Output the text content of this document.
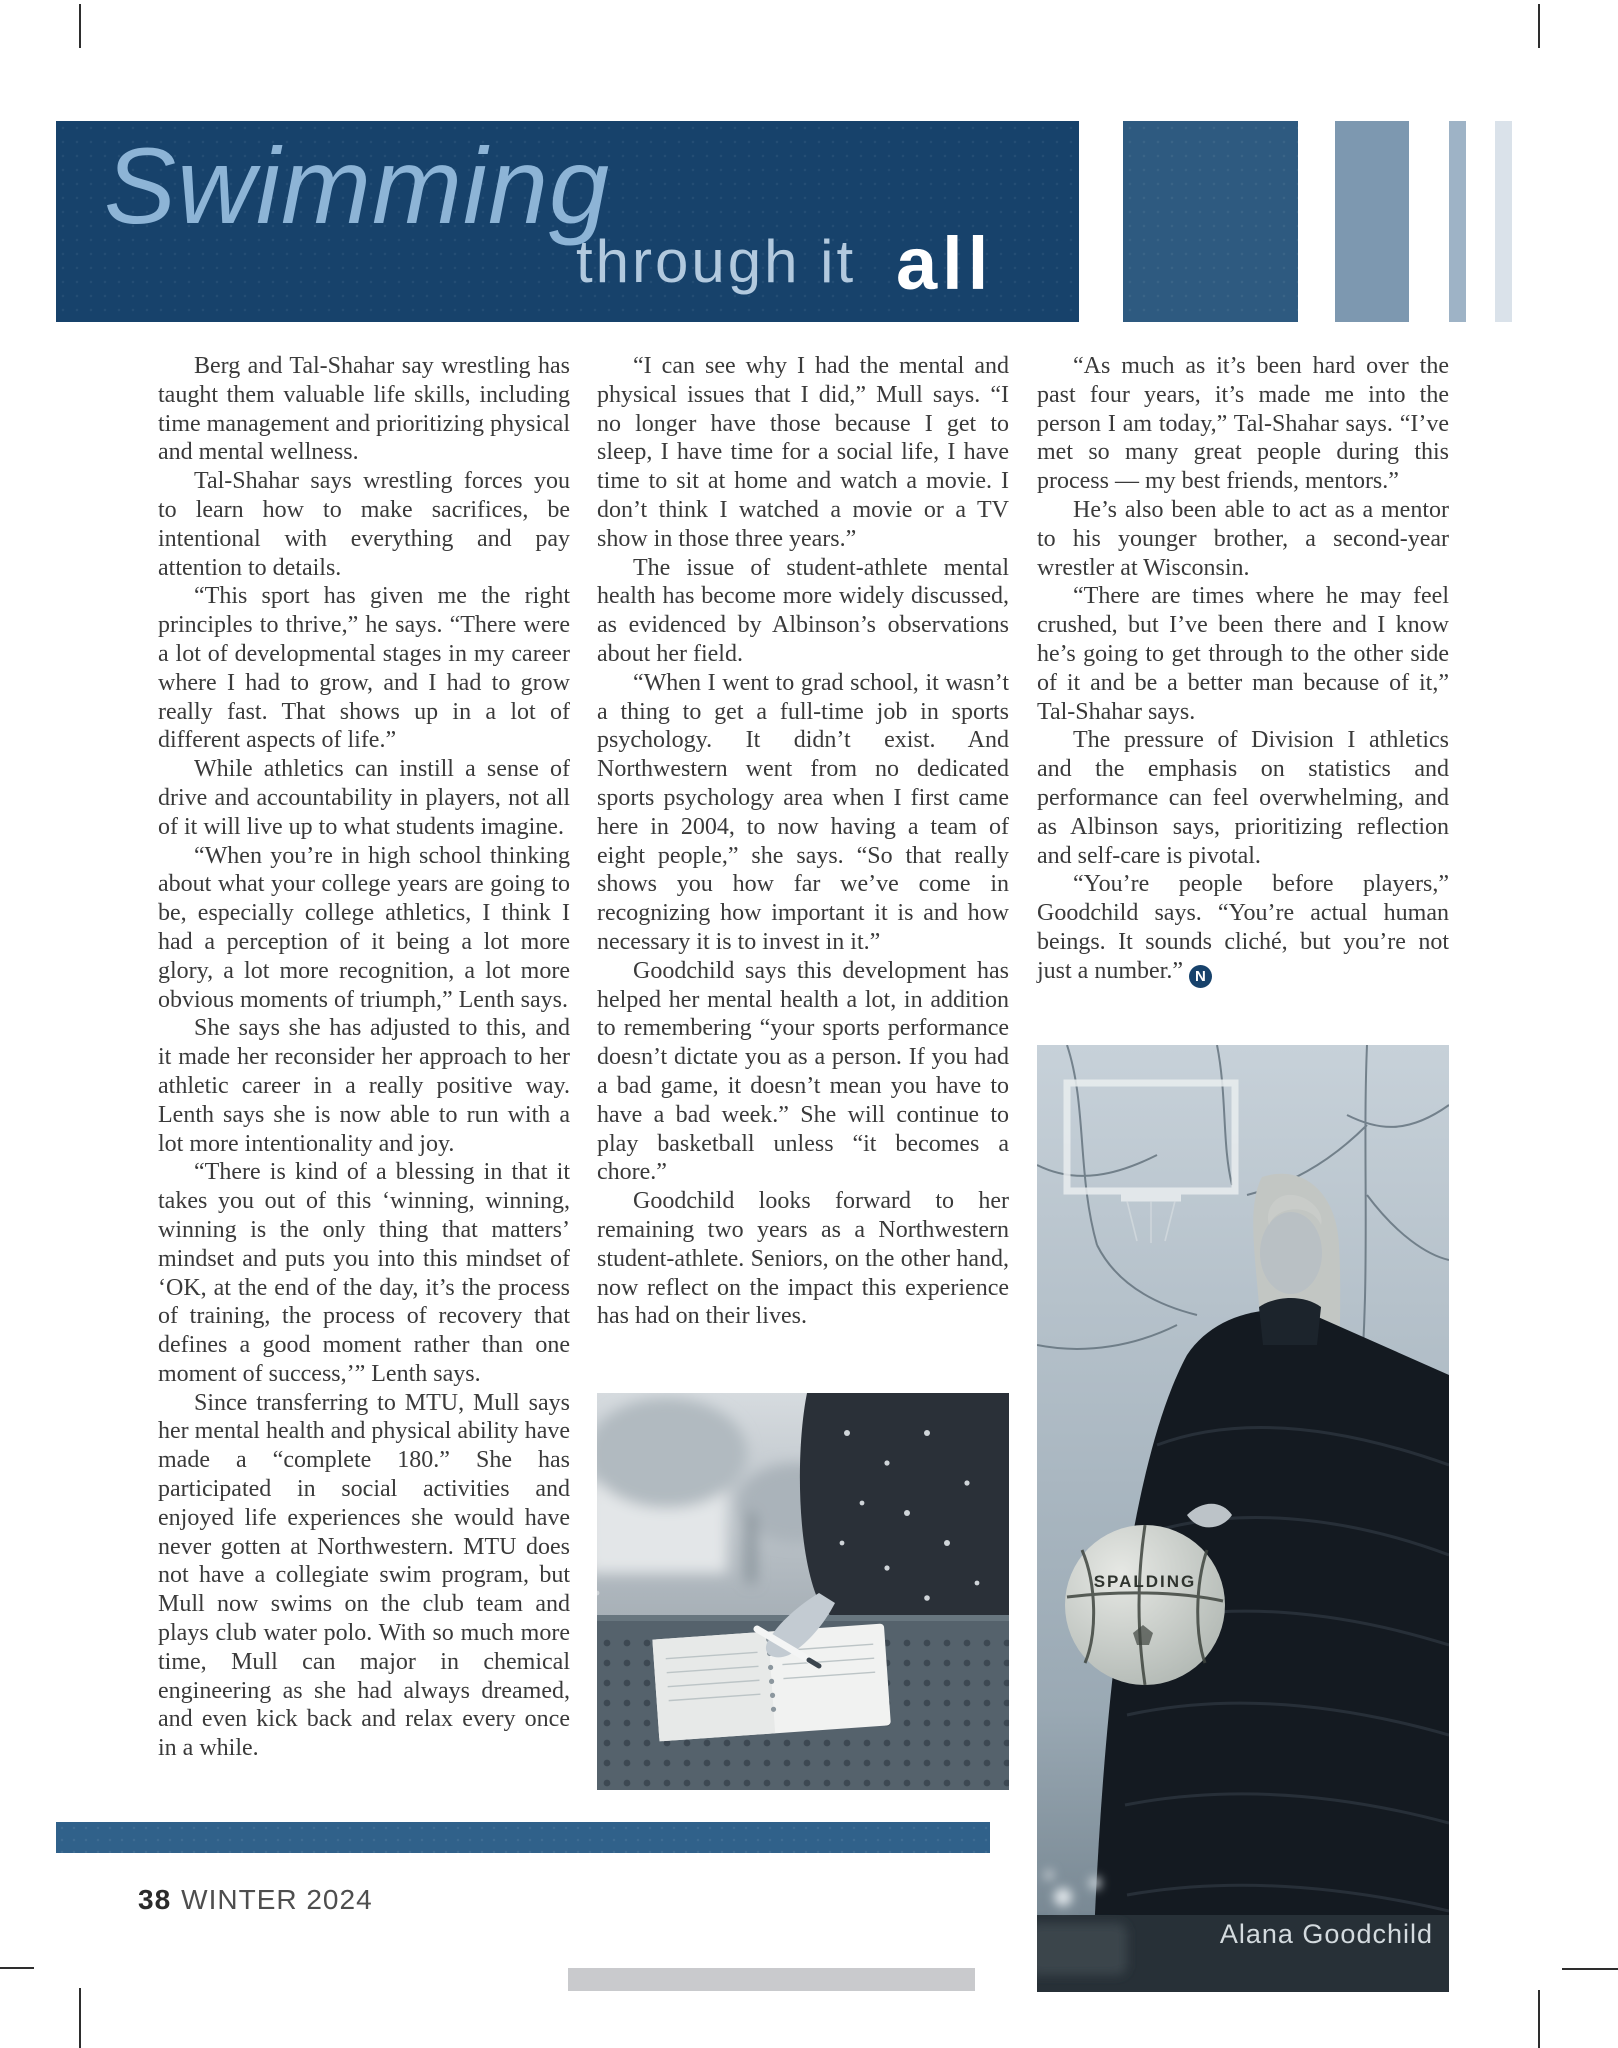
Swimming
through it all

Berg and Tal-Shahar say wrestling has taught them valuable life skills, including time management and prioritizing physical and mental wellness.

Tal-Shahar says wrestling forces you to learn how to make sacrifices, be intentional with everything and pay attention to details.

“This sport has given me the right principles to thrive,” he says. “There were a lot of developmental stages in my career where I had to grow, and I had to grow really fast. That shows up in a lot of different aspects of life.”

While athletics can instill a sense of drive and accountability in players, not all of it will live up to what students imagine.

“When you’re in high school thinking about what your college years are going to be, especially college athletics, I think I had a perception of it being a lot more glory, a lot more recognition, a lot more obvious moments of triumph,” Lenth says.

She says she has adjusted to this, and it made her reconsider her approach to her athletic career in a really positive way. Lenth says she is now able to run with a lot more intentionality and joy.

“There is kind of a blessing in that it takes you out of this ‘winning, winning, winning is the only thing that matters’ mindset and puts you into this mindset of ‘OK, at the end of the day, it’s the process of training, the process of recovery that defines a good moment rather than one moment of success,’” Lenth says.

Since transferring to MTU, Mull says her mental health and physical ability have made a “complete 180.” She has participated in social activities and enjoyed life experiences she would have never gotten at Northwestern. MTU does not have a collegiate swim program, but Mull now swims on the club team and plays club water polo. With so much more time, Mull can major in chemical engineering as she had always dreamed, and even kick back and relax every once in a while.

“I can see why I had the mental and physical issues that I did,” Mull says. “I no longer have those because I get to sleep, I have time for a social life, I have time to sit at home and watch a movie. I don’t think I watched a movie or a TV show in those three years.”

The issue of student-athlete mental health has become more widely discussed, as evidenced by Albinson’s observations about her field.

“When I went to grad school, it wasn’t a thing to get a full-time job in sports psychology. It didn’t exist. And Northwestern went from no dedicated sports psychology area when I first came here in 2004, to now having a team of eight people,” she says. “So that really shows you how far we’ve come in recognizing how important it is and how necessary it is to invest in it.”

Goodchild says this development has helped her mental health a lot, in addition to remembering “your sports performance doesn’t dictate you as a person. If you had a bad game, it doesn’t mean you have to have a bad week.” She will continue to play basketball unless “it becomes a chore.”

Goodchild looks forward to her remaining two years as a Northwestern student-athlete. Seniors, on the other hand, now reflect on the impact this experience has had on their lives.

“As much as it’s been hard over the past four years, it’s made me into the person I am today,” Tal-Shahar says. “I’ve met so many great people during this process — my best friends, mentors.”

He’s also been able to act as a mentor to his younger brother, a second-year wrestler at Wisconsin.

“There are times where he may feel crushed, but I’ve been there and I know he’s going to get through to the other side of it and be a better man because of it,” Tal-Shahar says.

The pressure of Division I athletics and the emphasis on statistics and performance can feel overwhelming, and as Albinson says, prioritizing reflection and self-care is pivotal.

“You’re people before players,” Goodchild says. “You’re actual human beings. It sounds cliché, but you’re not just a number.” N

SPALDING
Alana Goodchild
38 WINTER 2024
